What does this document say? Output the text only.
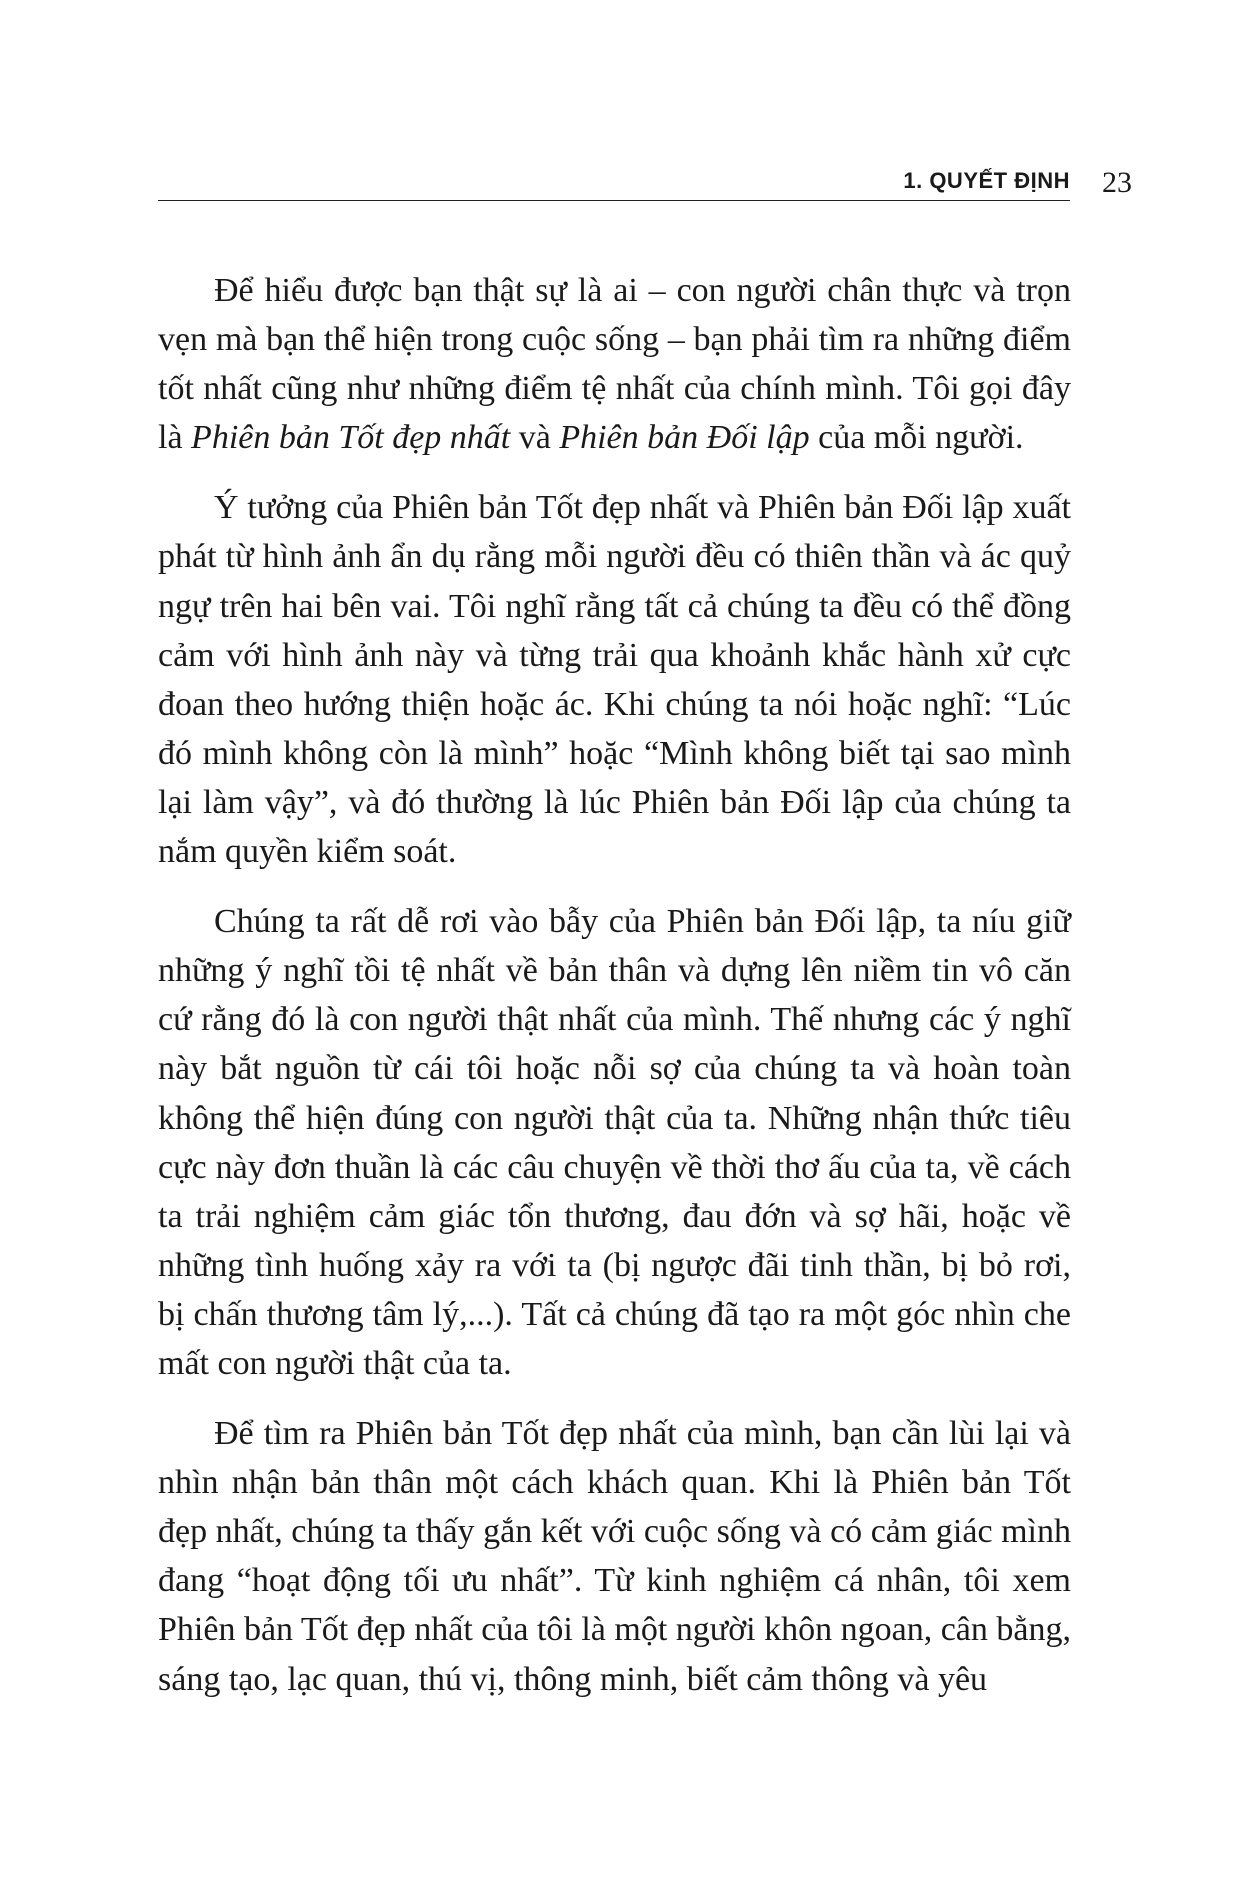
1. QUYẾT ĐỊNH 23

Để hiểu được bạn thật sự là ai – con người chân thực và trọn vẹn mà bạn thể hiện trong cuộc sống – bạn phải tìm ra những điểm tốt nhất cũng như những điểm tệ nhất của chính mình. Tôi gọi đây là Phiên bản Tốt đẹp nhất và Phiên bản Đối lập của mỗi người.

Ý tưởng của Phiên bản Tốt đẹp nhất và Phiên bản Đối lập xuất phát từ hình ảnh ẩn dụ rằng mỗi người đều có thiên thần và ác quỷ ngự trên hai bên vai. Tôi nghĩ rằng tất cả chúng ta đều có thể đồng cảm với hình ảnh này và từng trải qua khoảnh khắc hành xử cực đoan theo hướng thiện hoặc ác. Khi chúng ta nói hoặc nghĩ: “Lúc đó mình không còn là mình” hoặc “Mình không biết tại sao mình lại làm vậy”, và đó thường là lúc Phiên bản Đối lập của chúng ta nắm quyền kiểm soát.

Chúng ta rất dễ rơi vào bẫy của Phiên bản Đối lập, ta níu giữ những ý nghĩ tồi tệ nhất về bản thân và dựng lên niềm tin vô căn cứ rằng đó là con người thật nhất của mình. Thế nhưng các ý nghĩ này bắt nguồn từ cái tôi hoặc nỗi sợ của chúng ta và hoàn toàn không thể hiện đúng con người thật của ta. Những nhận thức tiêu cực này đơn thuần là các câu chuyện về thời thơ ấu của ta, về cách ta trải nghiệm cảm giác tổn thương, đau đớn và sợ hãi, hoặc về những tình huống xảy ra với ta (bị ngược đãi tinh thần, bị bỏ rơi, bị chấn thương tâm lý,...). Tất cả chúng đã tạo ra một góc nhìn che mất con người thật của ta.

Để tìm ra Phiên bản Tốt đẹp nhất của mình, bạn cần lùi lại và nhìn nhận bản thân một cách khách quan. Khi là Phiên bản Tốt đẹp nhất, chúng ta thấy gắn kết với cuộc sống và có cảm giác mình đang “hoạt động tối ưu nhất”. Từ kinh nghiệm cá nhân, tôi xem Phiên bản Tốt đẹp nhất của tôi là một người khôn ngoan, cân bằng, sáng tạo, lạc quan, thú vị, thông minh, biết cảm thông và yêu
